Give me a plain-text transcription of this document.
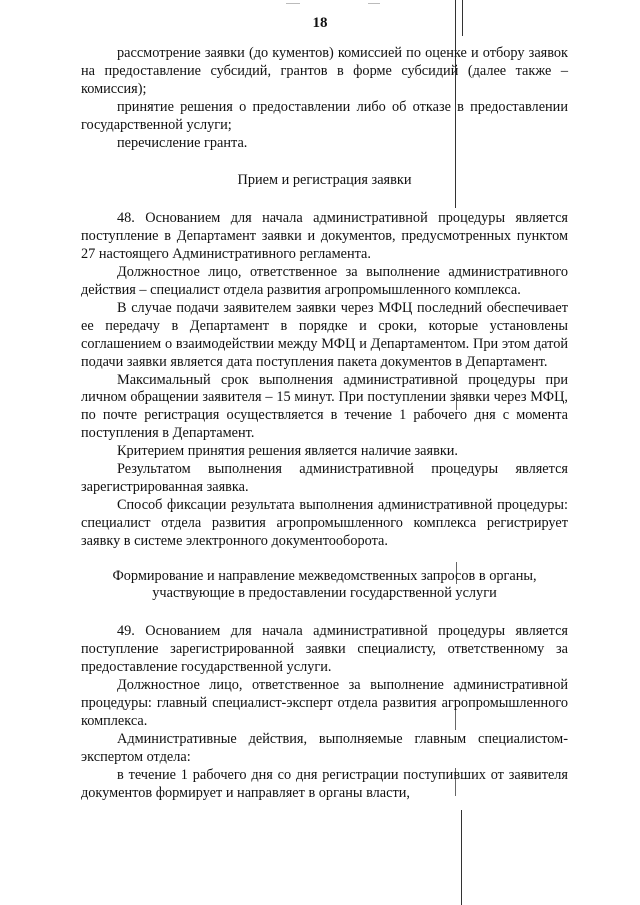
18

рассмотрение заявки (до кументов) комиссией по оценке и отбору заявок на предоставление субсидий, грантов в форме субсидий (далее также – комиссия);

принятие решения о предоставлении либо об отказе в предоставлении государственной услуги;

перечисление гранта.

Прием и регистрация заявки

48. Основанием для начала административной процедуры является поступление в Департамент заявки и документов, предусмотренных пунктом 27 настоящего Административного регламента.

Должностное лицо, ответственное за выполнение административного действия – специалист отдела развития агропромышленного комплекса.

В случае подачи заявителем заявки через МФЦ последний обеспечивает ее передачу в Департамент в порядке и сроки, которые установлены соглашением о взаимодействии между МФЦ и Департаментом. При этом датой подачи заявки является дата поступления пакета документов в Департамент.

Максимальный срок выполнения административной процедуры при личном обращении заявителя – 15 минут. При поступлении заявки через МФЦ, по почте регистрация осуществляется в течение 1 рабочего дня с момента поступления в Департамент.

Критерием принятия решения является наличие заявки.

Результатом выполнения административной процедуры является зарегистрированная заявка.

Способ фиксации результата выполнения административной процедуры: специалист отдела развития агропромышленного комплекса регистрирует заявку в системе электронного документооборота.

Формирование и направление межведомственных запросов в органы,
участвующие в предоставлении государственной услуги

49. Основанием для начала административной процедуры является поступление зарегистрированной заявки специалисту, ответственному за предоставление государственной услуги.

Должностное лицо, ответственное за выполнение административной процедуры: главный специалист-эксперт отдела развития агропромышленного комплекса.

Административные действия, выполняемые главным специалистом-экспертом отдела:

в течение 1 рабочего дня со дня регистрации поступивших от заявителя документов формирует и направляет в органы власти,
